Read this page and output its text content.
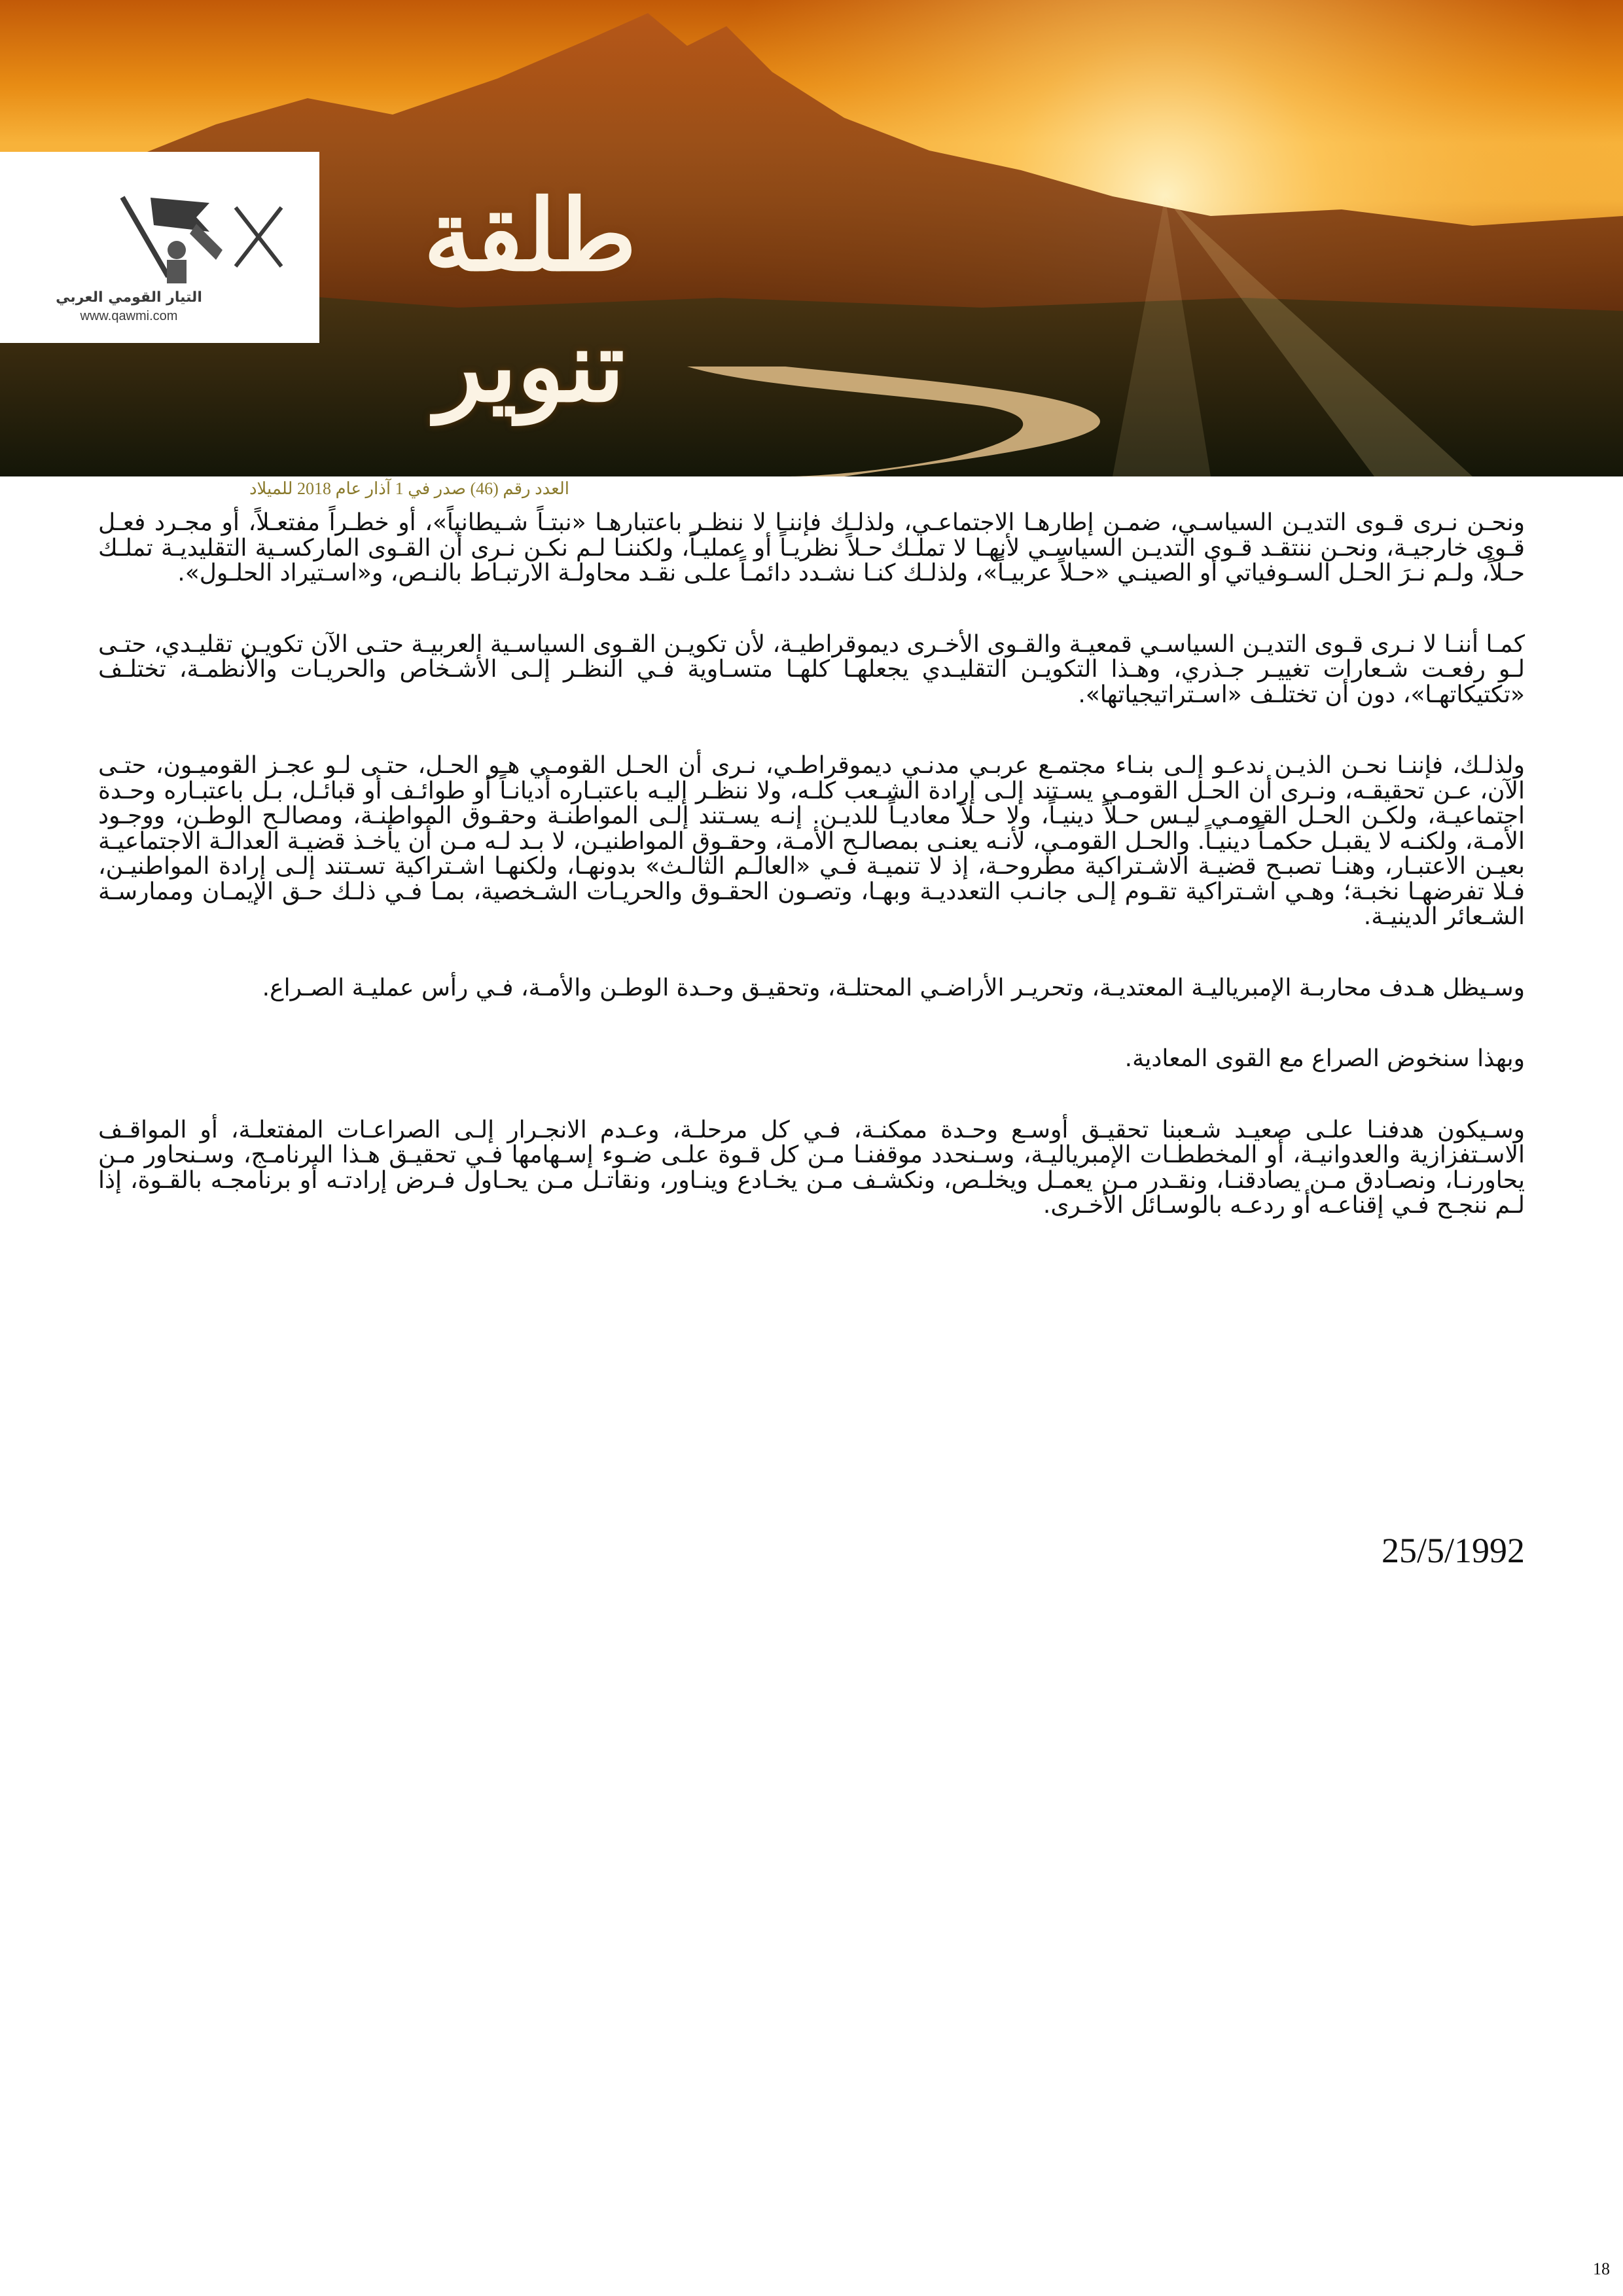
التيار القومي العربي
www.qawmi.com
طلقة تنوير
العدد رقم (46) صدر في 1 آذار عام 2018 للميلاد

ونحـن نـرى قـوى التديـن السياسـي، ضمـن إطارهـا الاجتماعـي، ولذلـك فإننـا لا ننظـر باعتبارهـا «نبتـاً شـيطانياً»، أو خطـراً مفتعـلاً، أو مجـرد فعـل قـوى خارجيـة، ونحـن ننتقـد قـوى التديـن السياسـي لأنهـا لا تملـك حـلاً نظريـاً أو عمليـاً، ولكننـا لـم نكـن نـرى أن القـوى الماركسـية التقليديـة تملـك حـلاً، ولـم نـرَ الحـل السـوفياتي أو الصينـي «حـلاً عربيـاً»، ولذلـك كنـا نشـدد دائمـاً علـى نقـد محاولـة الارتبـاط بالنـص، و«اسـتيراد الحلـول».

كمـا أننـا لا نـرى قـوى التديـن السياسـي قمعيـة والقـوى الأخـرى ديموقراطيـة، لأن تكويـن القـوى السياسـية العربيـة حتـى الآن تكويـن تقليـدي، حتـى لـو رفعـت شـعارات تغييـر جـذري، وهـذا التكويـن التقليـدي يجعلهـا كلهـا متسـاوية فـي النظـر إلـى الأشـخاص والحريـات والأنظمـة، تختلـف «تكتيكاتهـا»، دون أن تختلـف «اسـتراتيجياتها».

ولذلـك، فإننـا نحـن الذيـن ندعـو إلـى بنـاء مجتمـع عربـي مدنـي ديموقراطـي، نـرى أن الحـل القومـي هـو الحـل، حتـى لـو عجـز القوميـون، حتـى الآن، عـن تحقيقـه، ونـرى أن الحـل القومـي يسـتند إلـى إرادة الشـعب كلـه، ولا ننظـر إليـه باعتبـاره أديانـاً أو طوائـف أو قبائـل، بـل باعتبـاره وحـدة اجتماعيـة، ولكـن الحـل القومـي ليـس حـلاً دينيـاً، ولا حـلاً معاديـاً للديـن. إنـه يسـتند إلـى المواطنـة وحقـوق المواطنـة، ومصالـح الوطـن، ووجـود الأمـة، ولكنـه لا يقبـل حكمـاً دينيـاً. والحـل القومـي، لأنـه يعنـى بمصالـح الأمـة، وحقـوق المواطنيـن، لا بـد لـه مـن أن يأخـذ قضيـة العدالـة الاجتماعيـة بعيـن الاعتبـار، وهنـا تصبـح قضيـة الاشـتراكية مطروحـة، إذ لا تنميـة فـي «العالـم الثالـث» بدونهـا، ولكنهـا اشـتراكية تسـتند إلـى إرادة المواطنيـن، فـلا تفرضهـا نخبـة؛ وهـي اشـتراكية تقـوم إلـى جانـب التعدديـة وبهـا، وتصـون الحقـوق والحريـات الشـخصية، بمـا فـي ذلـك حـق الإيمـان وممارسـة الشـعائر الدينيـة.

وسـيظل هـدف محاربـة الإمبرياليـة المعتديـة، وتحريـر الأراضـي المحتلـة، وتحقيـق وحـدة الوطـن والأمـة، فـي رأس عمليـة الصـراع.

وبهذا سنخوض الصراع مع القوى المعادية.

وسـيكون هدفنـا علـى صعيـد شـعبنا تحقيـق أوسـع وحـدة ممكنـة، فـي كل مرحلـة، وعـدم الانجـرار إلـى الصراعـات المفتعلـة، أو المواقـف الاسـتفزازية والعدوانيـة، أو المخططـات الإمبرياليـة، وسـنحدد موقفنـا مـن كل قـوة علـى ضـوء إسـهامها فـي تحقيـق هـذا البرنامـج، وسـنحاور مـن يحاورنـا، ونصـادق مـن يصادقنـا، ونقـدر مـن يعمـل ويخلـص، ونكشـف مـن يخـادع وينـاور، ونقاتـل مـن يحـاول فـرض إرادتـه أو برنامجـه بالقـوة، إذا لـم ننجـح فـي إقناعـه أو ردعـه بالوسـائل الأخـرى.

25/5/1992
18
